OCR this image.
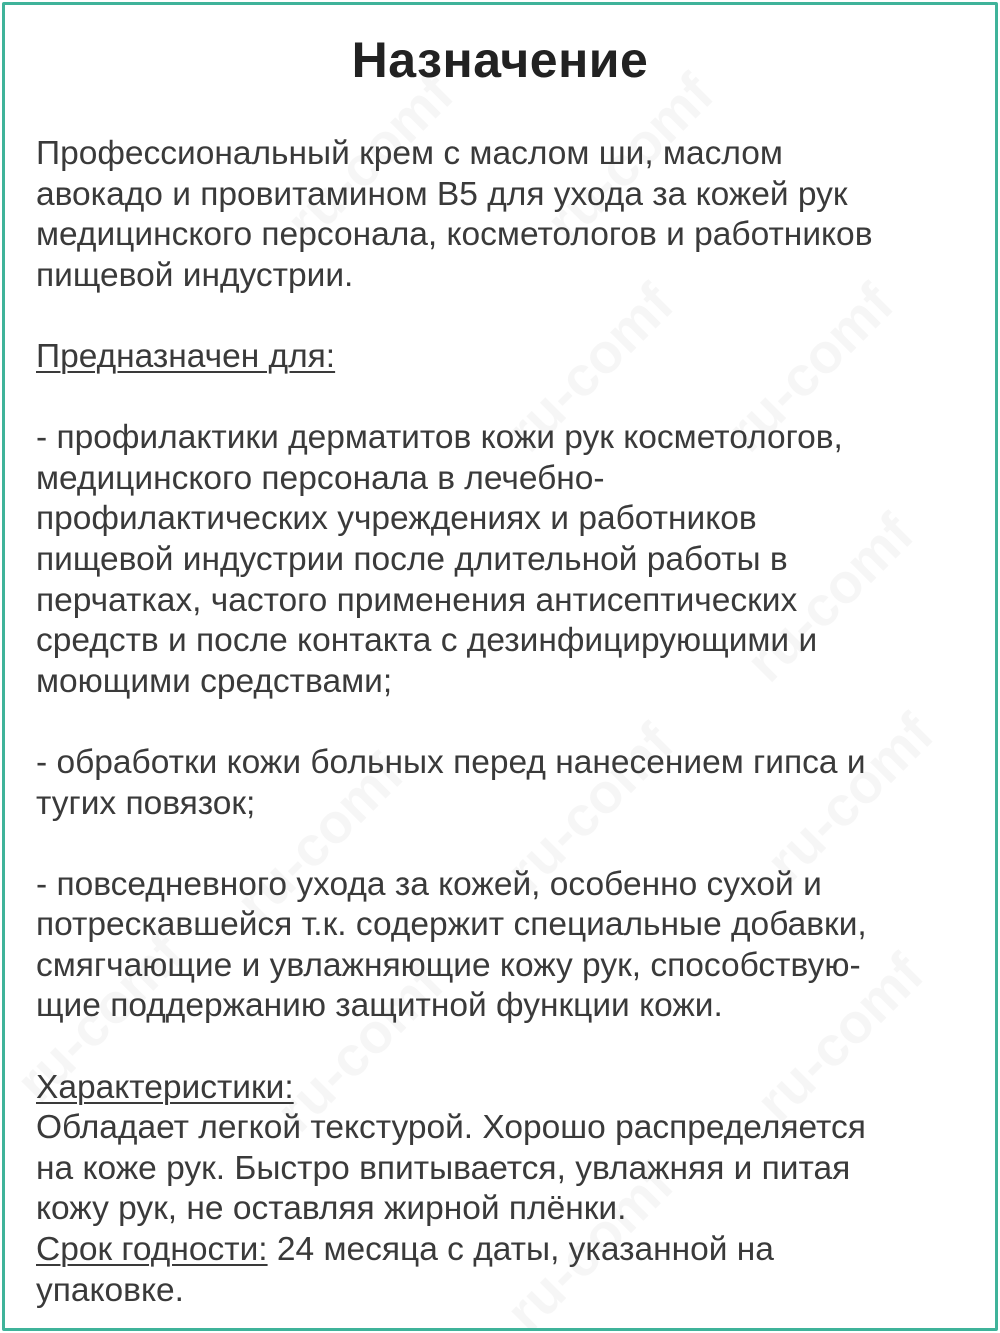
Назначение

Профессиональный крем с маслом ши, маслом

авокадо и провитамином B5 для ухода за кожей рук

медицинского персонала, косметологов и работников

пищевой индустрии.

Предназначен для:

- профилактики дерматитов кожи рук косметологов,

медицинского персонала в лечебно-

профилактических учреждениях и работников

пищевой индустрии после длительной работы в

перчатках, частого применения антисептических

средств и после контакта с дезинфицирующими и

моющими средствами;

- обработки кожи больных перед нанесением гипса и

тугих повязок;

- повседневного ухода за кожей, особенно сухой и

потрескавшейся т.к. содержит специальные добавки,

смягчающие и увлажняющие кожу рук, способствую-

щие поддержанию защитной функции кожи.

Характеристики:

Обладает легкой текстурой. Хорошо распределяется

на коже рук. Быстро впитывается, увлажняя и питая

кожу рук, не оставляя жирной плёнки.

Срок годности: 24 месяца с даты, указанной на

упаковке.
